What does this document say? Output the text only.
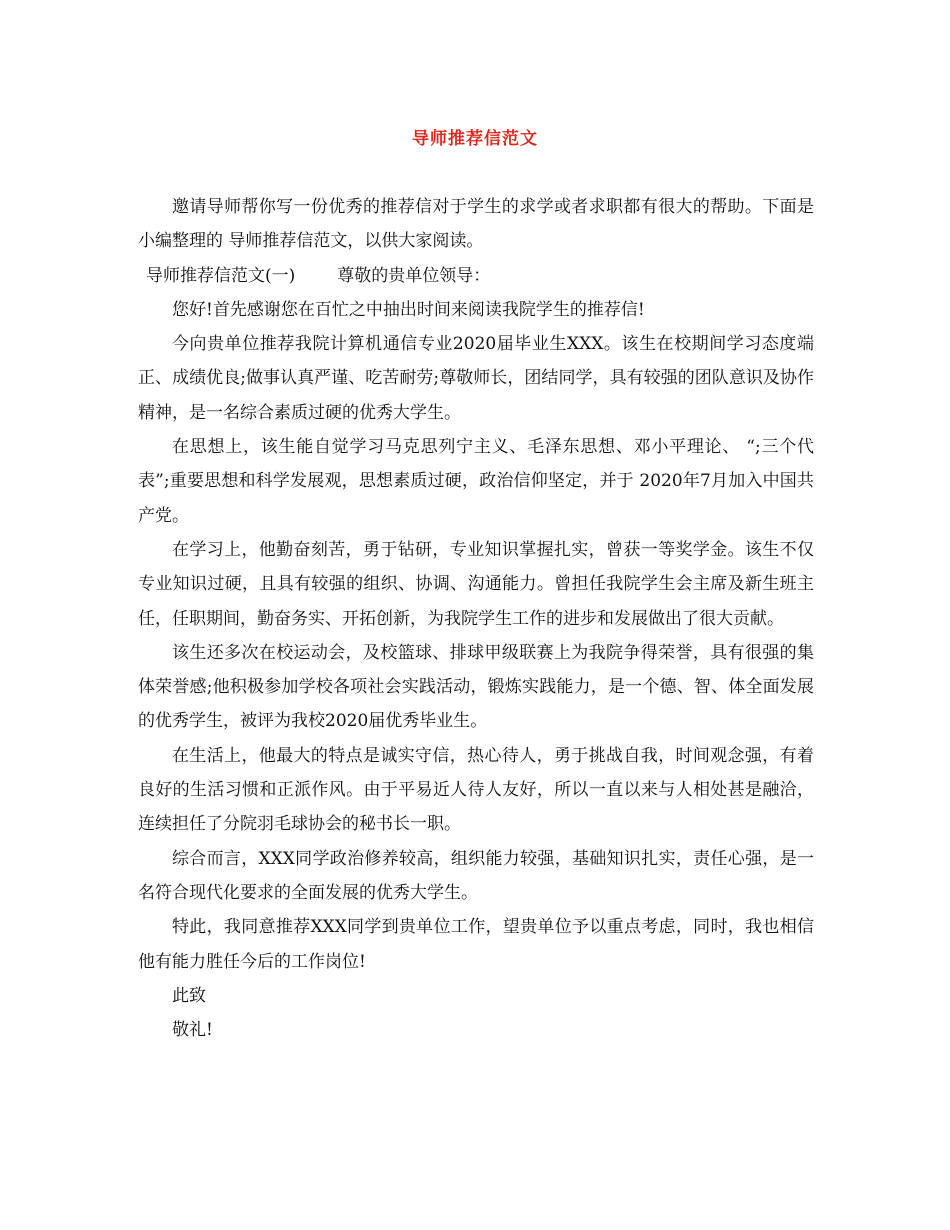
导师推荐信范文

邀请导师帮你写一份优秀的推荐信对于学生的求学或者求职都有很大的帮助。下面是小编整理的 导师推荐信范文，以供大家阅读。

导师推荐信范文(一) 尊敬的贵单位领导：

您好!首先感谢您在百忙之中抽出时间来阅读我院学生的推荐信!

今向贵单位推荐我院计算机通信专业2020届毕业生XXX。该生在校期间学习态度端正、成绩优良;做事认真严谨、吃苦耐劳;尊敬师长，团结同学，具有较强的团队意识及协作精神，是一名综合素质过硬的优秀大学生。

在思想上，该生能自觉学习马克思列宁主义、毛泽东思想、邓小平理论、 “;三个代表”;重要思想和科学发展观，思想素质过硬，政治信仰坚定，并于 2020年7月加入中国共产党。

在学习上，他勤奋刻苦，勇于钻研，专业知识掌握扎实，曾获一等奖学金。该生不仅专业知识过硬，且具有较强的组织、协调、沟通能力。曾担任我院学生会主席及新生班主任，任职期间，勤奋务实、开拓创新，为我院学生工作的进步和发展做出了很大贡献。

该生还多次在校运动会，及校篮球、排球甲级联赛上为我院争得荣誉，具有很强的集体荣誉感;他积极参加学校各项社会实践活动，锻炼实践能力，是一个德、智、体全面发展的优秀学生，被评为我校2020届优秀毕业生。

在生活上，他最大的特点是诚实守信，热心待人，勇于挑战自我，时间观念强，有着良好的生活习惯和正派作风。由于平易近人待人友好，所以一直以来与人相处甚是融洽，连续担任了分院羽毛球协会的秘书长一职。

综合而言，XXX同学政治修养较高，组织能力较强，基础知识扎实，责任心强，是一名符合现代化要求的全面发展的优秀大学生。

特此，我同意推荐XXX同学到贵单位工作，望贵单位予以重点考虑，同时，我也相信他有能力胜任今后的工作岗位!

此致

敬礼!
